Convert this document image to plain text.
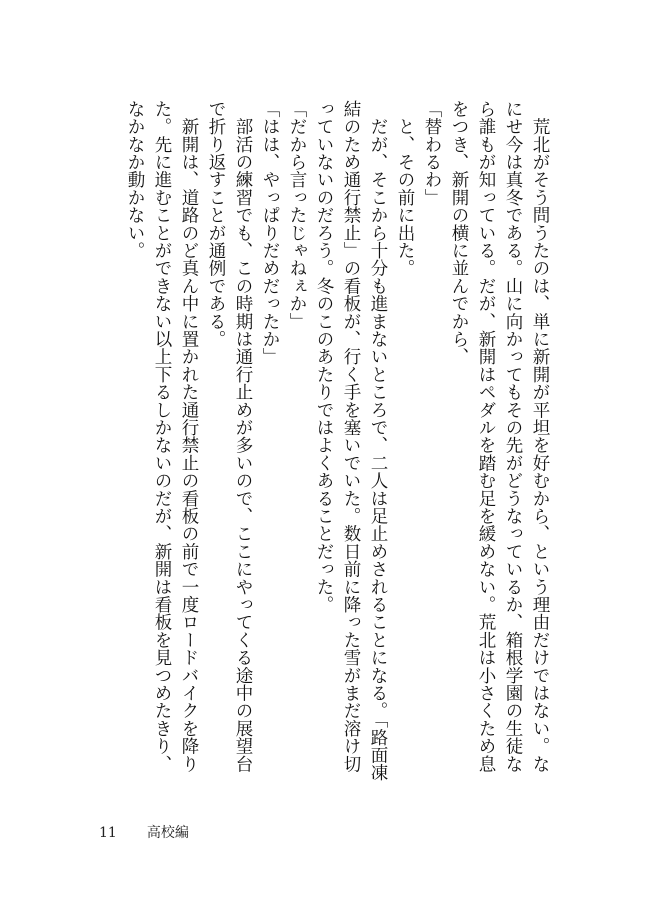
　荒北がそう問うたのは、単に新開が平坦を好むから、という理由だけではない。なにせ今は真冬である。山に向かってもその先がどうなっているか、箱根学園の生徒なら誰もが知っている。だが、新開はペダルを踏む足を緩めない。荒北は小さくため息をつき、新開の横に並んでから、

「替わるわ」

　と、その前に出た。

　だが、そこから十分も進まないところで、二人は足止めされることになる。「路面凍結のため通行禁止」の看板が、行く手を塞いでいた。数日前に降った雪がまだ溶け切っていないのだろう。冬のこのあたりではよくあることだった。

「だから言ったじゃねぇか」

「はは、やっぱりだめだったか」

　部活の練習でも、この時期は通行止めが多いので、ここにやってくる途中の展望台で折り返すことが通例である。

　新開は、道路のど真ん中に置かれた通行禁止の看板の前で一度ロードバイクを降りた。先に進むことができない以上下るしかないのだが、新開は看板を見つめたきり、なかなか動かない。

11 高校編
